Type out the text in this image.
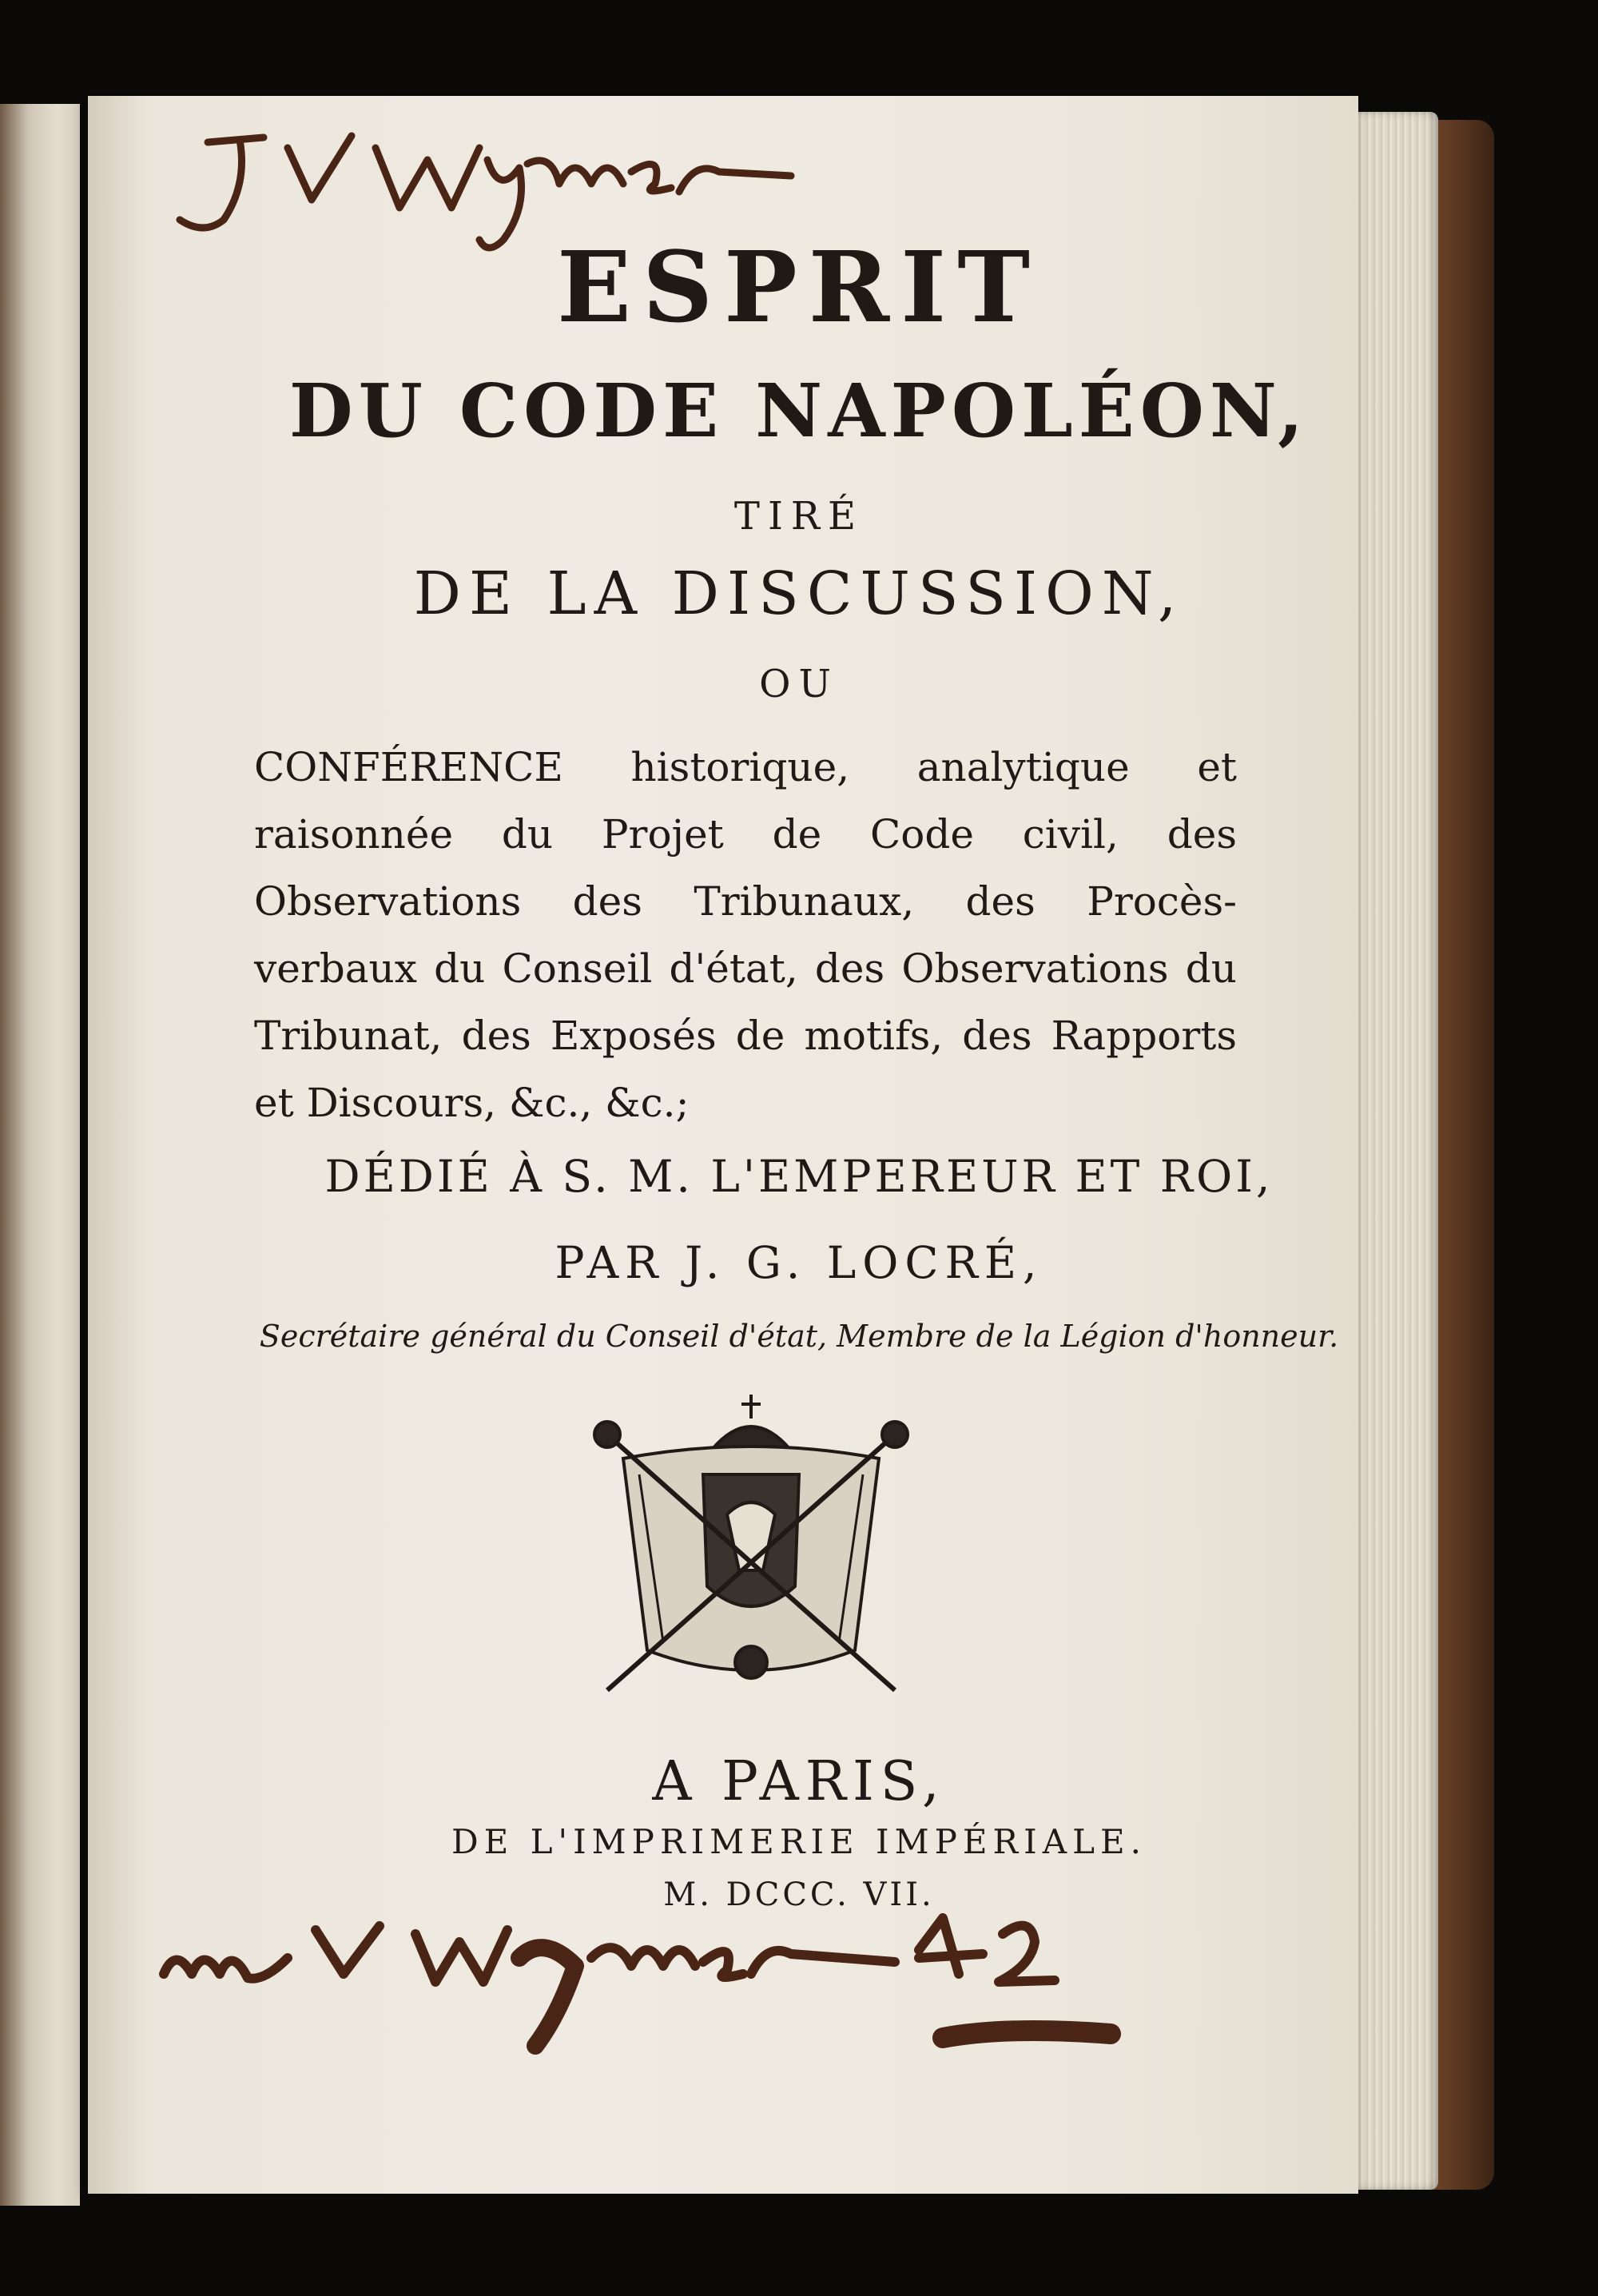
ESPRIT

DU CODE NAPOLÉON,

TIRÉ

DE LA DISCUSSION,

OU

CONFÉRENCE historique, analytique et raisonnée du Projet de Code civil, des Observations des Tribunaux, des Procès-verbaux du Conseil d'état, des Observations du Tribunat, des Exposés de motifs, des Rapports et Discours, &c., &c.;

DÉDIÉ À S. M. L'EMPEREUR ET ROI,

PAR J. G. LOCRÉ,

Secrétaire général du Conseil d'état, Membre de la Légion d'honneur.

A PARIS,

DE L'IMPRIMERIE IMPÉRIALE.

M. DCCC. VII.
